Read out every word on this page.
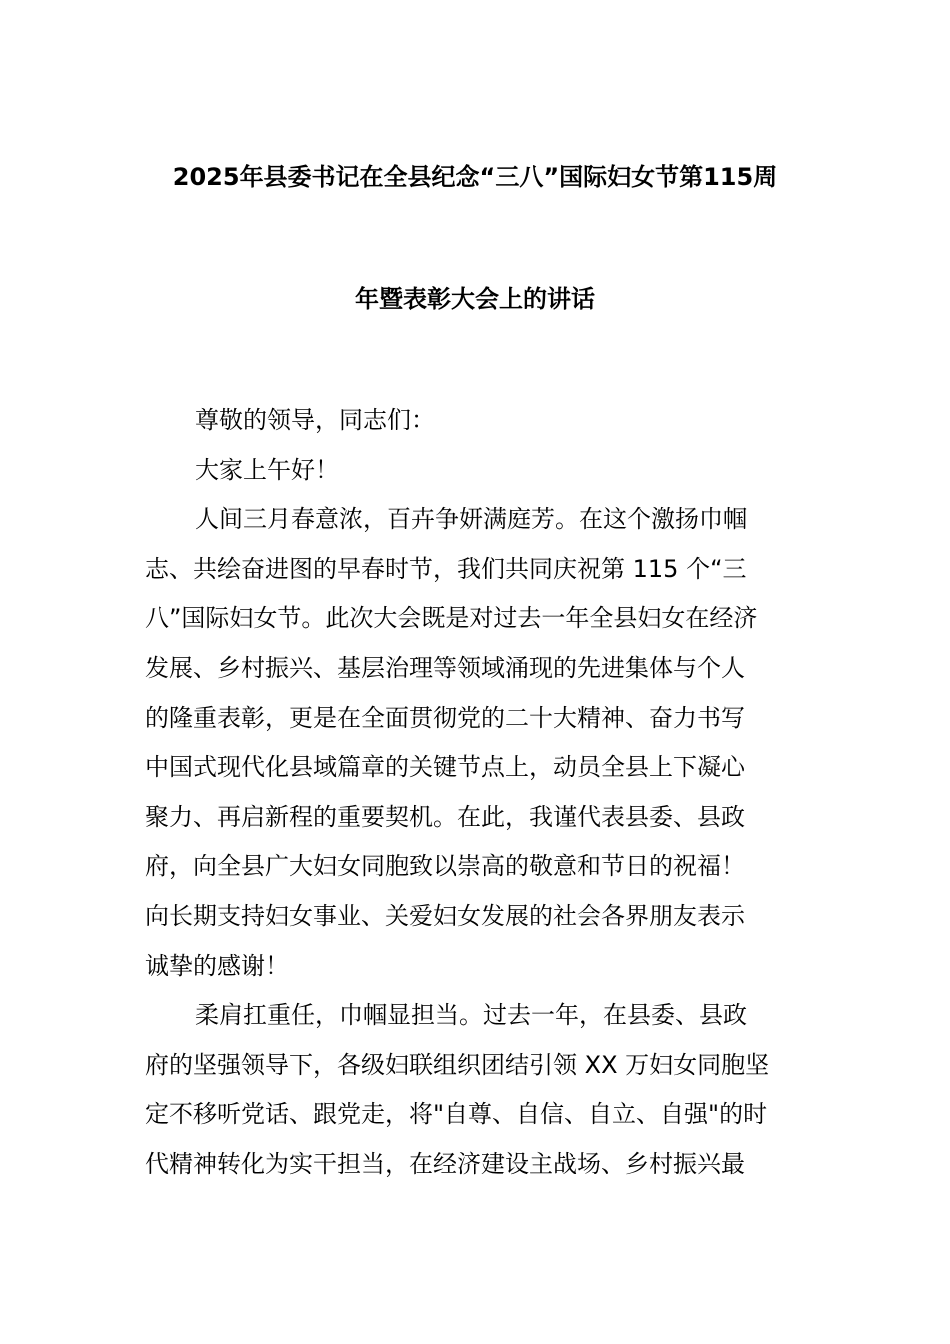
2025年县委书记在全县纪念“三八”国际妇女节第115周
年暨表彰大会上的讲话

尊敬的领导，同志们：

大家上午好！

人间三月春意浓，百卉争妍满庭芳。在这个激扬巾帼

志、共绘奋进图的早春时节，我们共同庆祝第 115 个“三

八”国际妇女节。此次大会既是对过去一年全县妇女在经济

发展、乡村振兴、基层治理等领域涌现的先进集体与个人

的隆重表彰，更是在全面贯彻党的二十大精神、奋力书写

中国式现代化县域篇章的关键节点上，动员全县上下凝心

聚力、再启新程的重要契机。在此，我谨代表县委、县政

府，向全县广大妇女同胞致以崇高的敬意和节日的祝福！

向长期支持妇女事业、关爱妇女发展的社会各界朋友表示

诚挚的感谢！

柔肩扛重任，巾帼显担当。过去一年，在县委、县政

府的坚强领导下，各级妇联组织团结引领 XX 万妇女同胞坚

定不移听党话、跟党走，将"自尊、自信、自立、自强"的时

代精神转化为实干担当，在经济建设主战场、乡村振兴最
